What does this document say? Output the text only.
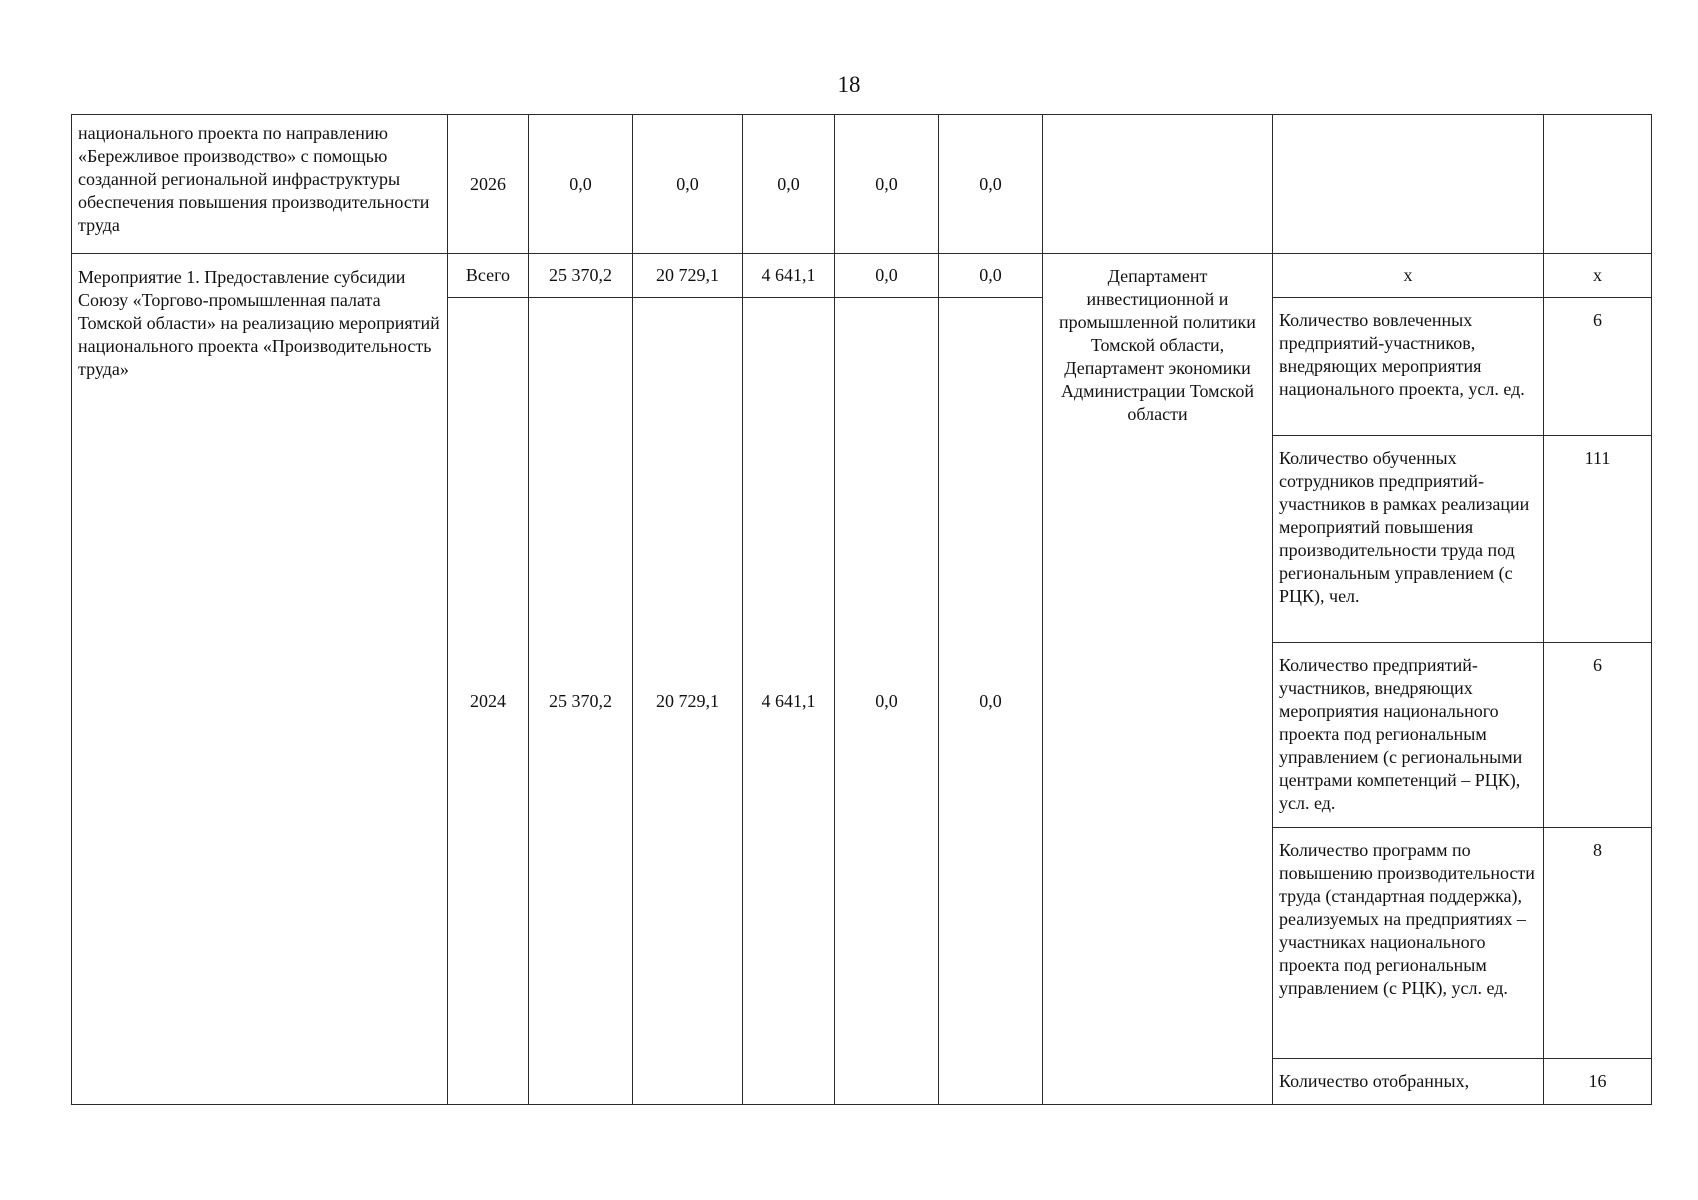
18
национального проекта по направлению «Бережливое производство» с помощью созданной региональной инфраструктуры обеспечения повышения производительности труда	2026	0,0	0,0	0,0	0,0	0,0			
Мероприятие 1. Предоставление субсидии Союзу «Торгово-промышленная палата Томской области» на реализацию мероприятий национального проекта «Производительность труда»	Всего	25 370,2	20 729,1	4 641,1	0,0	0,0	Департамент инвестиционной и промышленной политики Томской области, Департамент экономики Администрации Томской области	х	х
	2024	25 370,2	20 729,1	4 641,1	0,0	0,0		Количество вовлеченных предприятий-участников, внедряющих мероприятия национального проекта, усл. ед.	6
								Количество обученных сотрудников предприятий-участников в рамках реализации мероприятий повышения производительности труда под региональным управлением (с РЦК), чел.	111
								Количество предприятий-участников, внедряющих мероприятия национального проекта под региональным управлением (с региональными центрами компетенций – РЦК), усл. ед.	6
								Количество программ по повышению производительности труда (стандартная поддержка), реализуемых на предприятиях – участниках национального проекта под региональным управлением (с РЦК), усл. ед.	8
								Количество отобранных,	16
